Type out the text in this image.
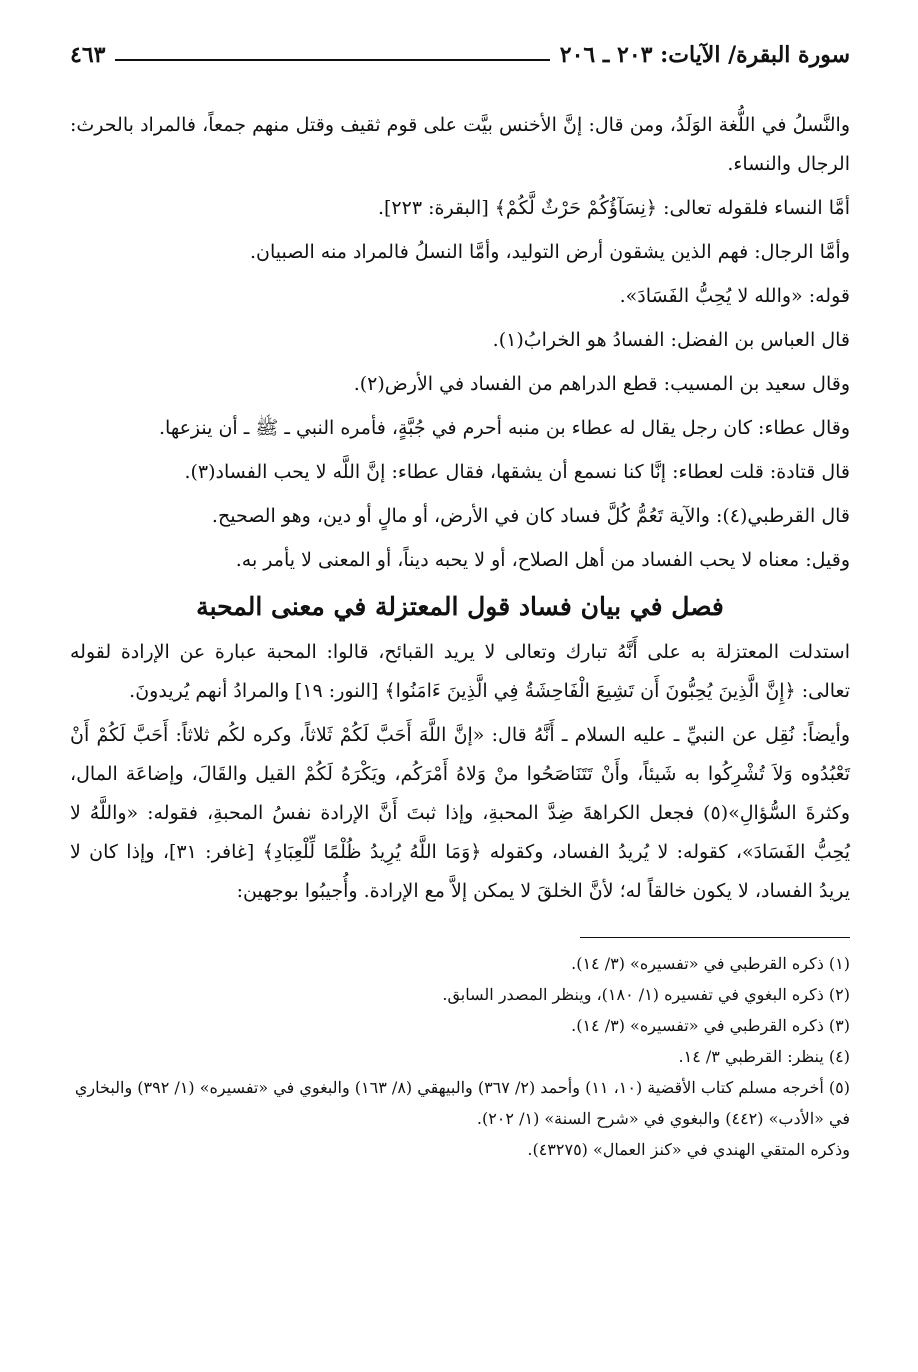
سورة البقرة/ الآيات: ٢٠٣ ـ ٢٠٦
٤٦٣

والنَّسلُ في اللُّغة الوَلَدُ، ومن قال: إنَّ الأخنس بيَّت على قوم ثقيف وقتل منهم جمعاً، فالمراد بالحرث: الرجال والنساء.

أمَّا النساء فلقوله تعالى: ﴿نِسَآؤُكُمْ حَرْثٌ لَّكُمْ﴾ [البقرة: ٢٢٣].

وأمَّا الرجال: فهم الذين يشقون أرض التوليد، وأمَّا النسلُ فالمراد منه الصبيان.

قوله: «والله لا يُحِبُّ الفَسَادَ».

قال العباس بن الفضل: الفسادُ هو الخرابُ(١).

وقال سعيد بن المسيب: قطع الدراهم من الفساد في الأرض(٢).

وقال عطاء: كان رجل يقال له عطاء بن منبه أحرم في جُبَّةٍ، فأمره النبي ـ ﷺ ـ أن ينزعها.

قال قتادة: قلت لعطاء: إنَّا كنا نسمع أن يشقها، فقال عطاء: إنَّ اللَّه لا يحب الفساد(٣).

قال القرطبي(٤): والآية تَعُمُّ كُلَّ فساد كان في الأرض، أو مالٍ أو دين، وهو الصحيح.

وقيل: معناه لا يحب الفساد من أهل الصلاح، أو لا يحبه ديناً، أو المعنى لا يأمر به.

فصل في بيان فساد قول المعتزلة في معنى المحبة

استدلت المعتزلة به على أَنَّهُ تبارك وتعالى لا يريد القبائح، قالوا: المحبة عبارة عن الإرادة لقوله تعالى: ﴿إِنَّ الَّذِينَ يُحِبُّونَ أَن تَشِيعَ الْفَاحِشَةُ فِي الَّذِينَ ءَامَنُوا﴾ [النور: ١٩] والمرادُ أنهم يُريدونَ.

وأيضاً: نُقِل عن النبيِّ ـ عليه السلام ـ أَنَّهُ قال: «إنَّ اللَّهَ أَحَبَّ لَكُمْ ثَلاثاً، وكره لكُم ثلاثاً: أَحَبَّ لَكُمْ أَنْ تَعْبُدُوه وَلاَ تُشْرِكُوا به شَيئاً، وأَنْ تَتَنَاصَحُوا منْ وَلاهُ أَمْرَكُم، ويَكْرَهُ لَكُمْ القيل والقَالَ، وإضاعَة المال، وكثرةَ السُّؤالِ»(٥) فجعل الكراهةَ ضِدَّ المحبةِ، وإذا ثبتَ أَنَّ الإرادة نفسُ المحبةِ، فقوله: «واللَّهُ لا يُحِبُّ الفَسَادَ»، كقوله: لا يُريدُ الفساد، وكقوله ﴿وَمَا اللَّهُ يُرِيدُ ظُلْمًا لِّلْعِبَادِ﴾ [غافر: ٣١]، وإذا كان لا يريدُ الفساد، لا يكون خالقاً له؛ لأنَّ الخلقَ لا يمكن إلاَّ مع الإرادة. وأُجيبُوا بوجهين:

(١) ذكره القرطبي في «تفسيره» (٣/ ١٤).
(٢) ذكره البغوي في تفسيره (١/ ١٨٠)، وينظر المصدر السابق.
(٣) ذكره القرطبي في «تفسيره» (٣/ ١٤).
(٤) ينظر: القرطبي ٣/ ١٤.
(٥) أخرجه مسلم كتاب الأقضية (١٠، ١١) وأحمد (٢/ ٣٦٧) والبيهقي (٨/ ١٦٣) والبغوي في «تفسيره» (١/ ٣٩٢) والبخاري في «الأدب» (٤٤٢) والبغوي في «شرح السنة» (١/ ٢٠٢).
وذكره المتقي الهندي في «كنز العمال» (٤٣٢٧٥).
